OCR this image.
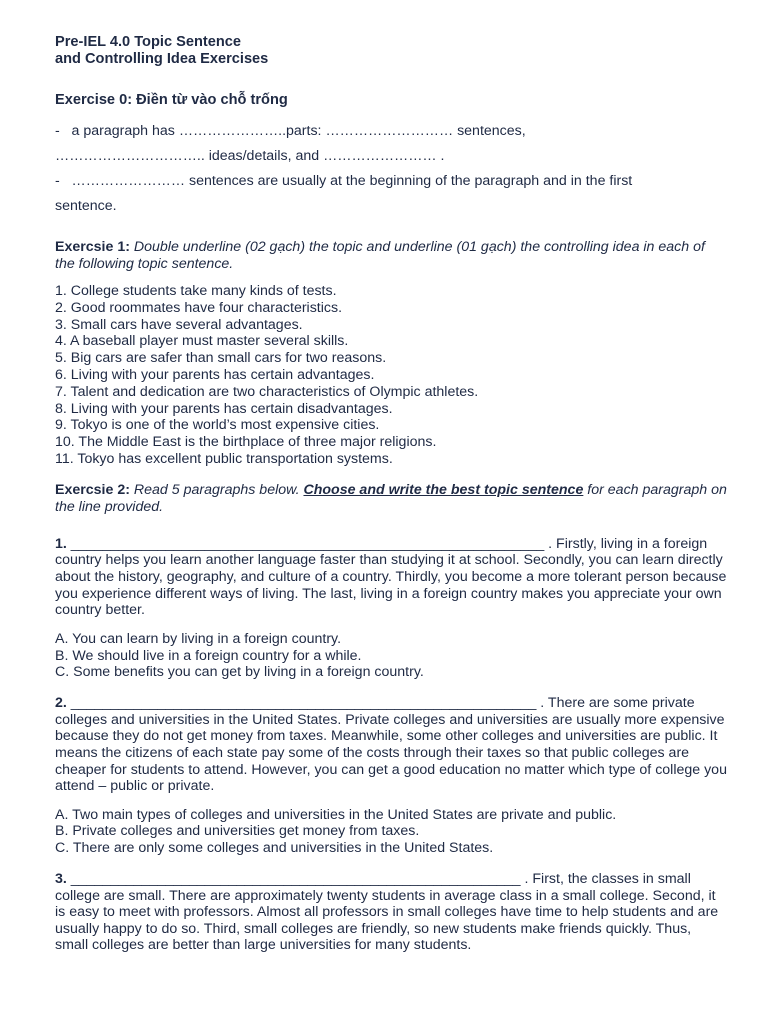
Pre-IEL 4.0 Topic Sentence

and Controlling Idea Exercises

Exercise 0: Điền từ vào chỗ trống

-   a paragraph has …………………..parts: ……………………… sentences,

………………………….. ideas/details, and …………………… .

-   …………………… sentences are usually at the beginning of the paragraph and in the first

sentence.

Exercsie 1: Double underline (02 gạch) the topic and underline (01 gạch) the controlling idea in each of the following topic sentence.

1. College students take many kinds of tests.
2. Good roommates have four characteristics.
3. Small cars have several advantages.
4. A baseball player must master several skills.
5. Big cars are safer than small cars for two reasons.
6. Living with your parents has certain advantages.
7. Talent and dedication are two characteristics of Olympic athletes.
8. Living with your parents has certain disadvantages.
9. Tokyo is one of the world’s most expensive cities.
10. The Middle East is the birthplace of three major religions.
11. Tokyo has excellent public transportation systems.

Exercsie 2: Read 5 paragraphs below. Choose and write the best topic sentence for each paragraph on the line provided.

1. ____________________________________________________________ . Firstly, living in a foreign country helps you learn another language faster than studying it at school. Secondly, you can learn directly about the history, geography, and culture of a country. Thirdly, you become a more tolerant person because you experience different ways of living. The last, living in a foreign country makes you appreciate your own country better.

A. You can learn by living in a foreign country.
B. We should live in a foreign country for a while.
C. Some benefits you can get by living in a foreign country.

2. ___________________________________________________________ . There are some private colleges and universities in the United States. Private colleges and universities are usually more expensive because they do not get money from taxes. Meanwhile, some other colleges and universities are public. It means the citizens of each state pay some of the costs through their taxes so that public colleges are cheaper for students to attend. However, you can get a good education no matter which type of college you attend – public or private.

A. Two main types of colleges and universities in the United States are private and public.
B. Private colleges and universities get money from taxes.
C. There are only some colleges and universities in the United States.

3. _________________________________________________________ . First, the classes in small college are small. There are approximately twenty students in average class in a small college. Second, it is easy to meet with professors. Almost all professors in small colleges have time to help students and are usually happy to do so. Third, small colleges are friendly, so new students make friends quickly. Thus, small colleges are better than large universities for many students.
